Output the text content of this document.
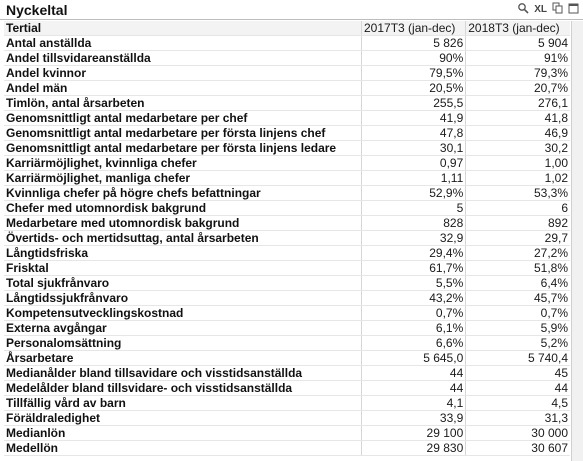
Nyckeltal	XL
Tertial	2017T3 (jan-dec)	2018T3 (jan-dec)
Antal anställda	5 826	5 904
Andel tillsvidareanställda	90%	91%
Andel kvinnor	79,5%	79,3%
Andel män	20,5%	20,7%
Timlön, antal årsarbeten	255,5	276,1
Genomsnittligt antal medarbetare per chef	41,9	41,8
Genomsnittligt antal medarbetare per första linjens chef	47,8	46,9
Genomsnittligt antal medarbetare per första linjens ledare	30,1	30,2
Karriärmöjlighet, kvinnliga chefer	0,97	1,00
Karriärmöjlighet, manliga chefer	1,11	1,02
Kvinnliga chefer på högre chefs befattningar	52,9%	53,3%
Chefer med utomnordisk bakgrund	5	6
Medarbetare med utomnordisk bakgrund	828	892
Övertids- och mertidsuttag, antal årsarbeten	32,9	29,7
Långtidsfriska	29,4%	27,2%
Frisktal	61,7%	51,8%
Total sjukfrånvaro	5,5%	6,4%
Långtidssjukfrånvaro	43,2%	45,7%
Kompetensutvecklingskostnad	0,7%	0,7%
Externa avgångar	6,1%	5,9%
Personalomsättning	6,6%	5,2%
Årsarbetare	5 645,0	5 740,4
Medianålder bland tillsavidare och visstidsanställda	44	45
Medelålder bland tillsvidare- och visstidsanställda	44	44
Tillfällig vård av barn	4,1	4,5
Föräldraledighet	33,9	31,3
Medianlön	29 100	30 000
Medellön	29 830	30 607
